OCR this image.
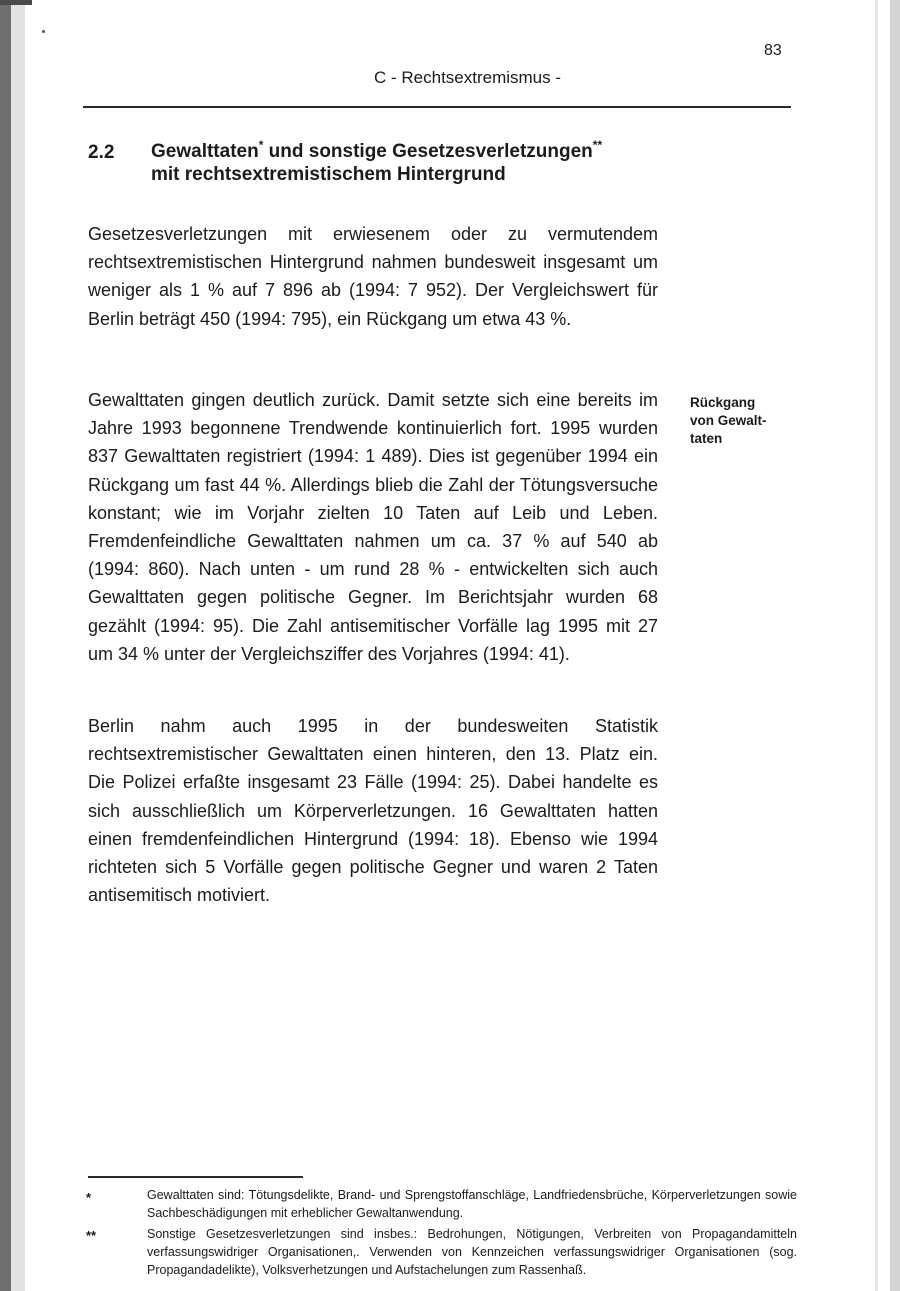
83
C - Rechtsextremismus -
2.2 Gewalttaten* und sonstige Gesetzesverletzungen**
mit rechtsextremistischem Hintergrund

Gesetzesverletzungen mit erwiesenem oder zu vermutendem rechtsextremistischen Hintergrund nahmen bundesweit insgesamt um weniger als 1 % auf 7 896 ab (1994: 7 952). Der Vergleichswert für Berlin beträgt 450 (1994: 795), ein Rückgang um etwa 43 %.

Gewalttaten gingen deutlich zurück. Damit setzte sich eine bereits im Jahre 1993 begonnene Trendwende kontinuierlich fort. 1995 wurden 837 Gewalttaten registriert (1994: 1 489). Dies ist gegenüber 1994 ein Rückgang um fast 44 %. Allerdings blieb die Zahl der Tötungsversuche konstant; wie im Vorjahr zielten 10 Taten auf Leib und Leben. Fremdenfeindliche Gewalttaten nahmen um ca. 37 % auf 540 ab (1994: 860). Nach unten - um rund 28 % - entwickelten sich auch Gewalttaten gegen politische Gegner. Im Berichtsjahr wurden 68 gezählt (1994: 95). Die Zahl antisemitischer Vorfälle lag 1995 mit 27 um 34 % unter der Vergleichsziffer des Vorjahres (1994: 41).

Berlin nahm auch 1995 in der bundesweiten Statistik rechtsextremistischer Gewalttaten einen hinteren, den 13. Platz ein. Die Polizei erfaßte insgesamt 23 Fälle (1994: 25). Dabei handelte es sich ausschließlich um Körperverletzungen. 16 Gewalttaten hatten einen fremdenfeindlichen Hintergrund (1994: 18). Ebenso wie 1994 richteten sich 5 Vorfälle gegen politische Gegner und waren 2 Taten antisemitisch motiviert.

Rückgang
von Gewalt-
taten
*	Gewalttaten sind: Tötungsdelikte, Brand- und Sprengstoffanschläge, Landfriedensbrüche, Körperverletzungen sowie Sachbeschädigungen mit erheblicher Gewaltanwendung.
**	Sonstige Gesetzesverletzungen sind insbes.: Bedrohungen, Nötigungen, Verbreiten von Propagandamitteln verfassungswidriger Organisationen,. Verwenden von Kennzeichen verfassungswidriger Organisationen (sog. Propagandadelikte), Volksverhetzungen und Aufstachelungen zum Rassenhaß.
